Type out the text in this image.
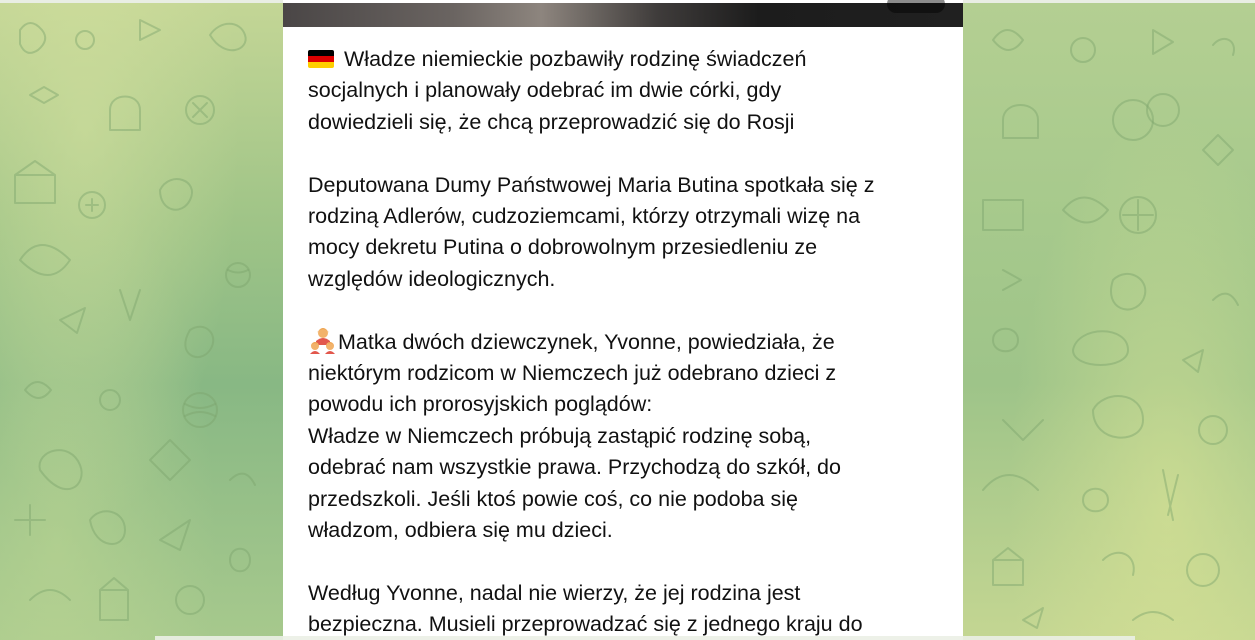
Władze niemieckie pozbawiły rodzinę świadczeń
socjalnych i planowały odebrać im dwie córki, gdy
dowiedzieli się, że chcą przeprowadzić się do Rosji
Deputowana Dumy Państwowej Maria Butina spotkała się z
rodziną Adlerów, cudzoziemcami, którzy otrzymali wizę na
mocy dekretu Putina o dobrowolnym przesiedleniu ze
względów ideologicznych.
Matka dwóch dziewczynek, Yvonne, powiedziała, że
niektórym rodzicom w Niemczech już odebrano dzieci z
powodu ich prorosyjskich poglądów:
Władze w Niemczech próbują zastąpić rodzinę sobą,
odebrać nam wszystkie prawa. Przychodzą do szkół, do
przedszkoli. Jeśli ktoś powie coś, co nie podoba się
władzom, odbiera się mu dzieci.
Według Yvonne, nadal nie wierzy, że jej rodzina jest
bezpieczna. Musieli przeprowadzać się z jednego kraju do
